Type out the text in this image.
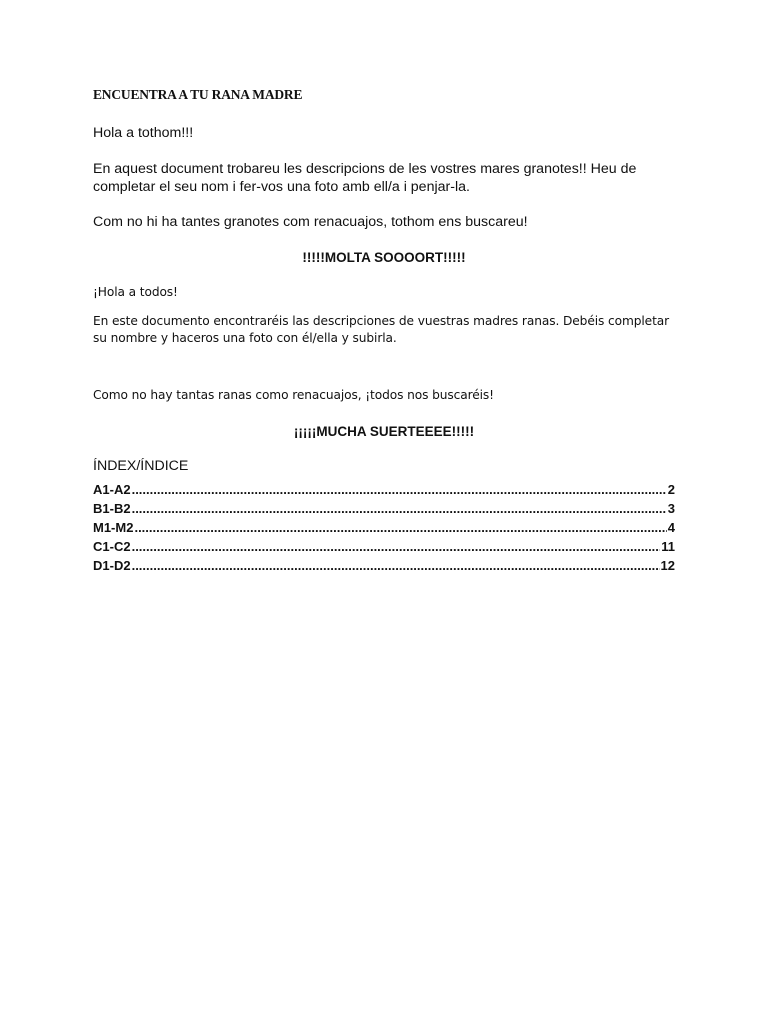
ENCUENTRA A TU RANA MADRE
Hola a tothom!!!
En aquest document trobareu les descripcions de les vostres mares granotes!! Heu de completar el seu nom i fer-vos una foto amb ell/a i penjar-la.
Com no hi ha tantes granotes com renacuajos, tothom ens buscareu!
!!!!!MOLTA SOOOORT!!!!!
¡Hola a todos!
En este documento encontraréis las descripciones de vuestras madres ranas. Debéis completar su nombre y haceros una foto con él/ella y subirla.
Como no hay tantas ranas como renacuajos, ¡todos nos buscaréis!
¡¡¡¡¡MUCHA SUERTEEEE!!!!!
ÍNDEX/ÍNDICE
A1-A2 .....	2
B1-B2 .....	3
M1-M2 .....	4
C1-C2 .....	11
D1-D2 .....	12
